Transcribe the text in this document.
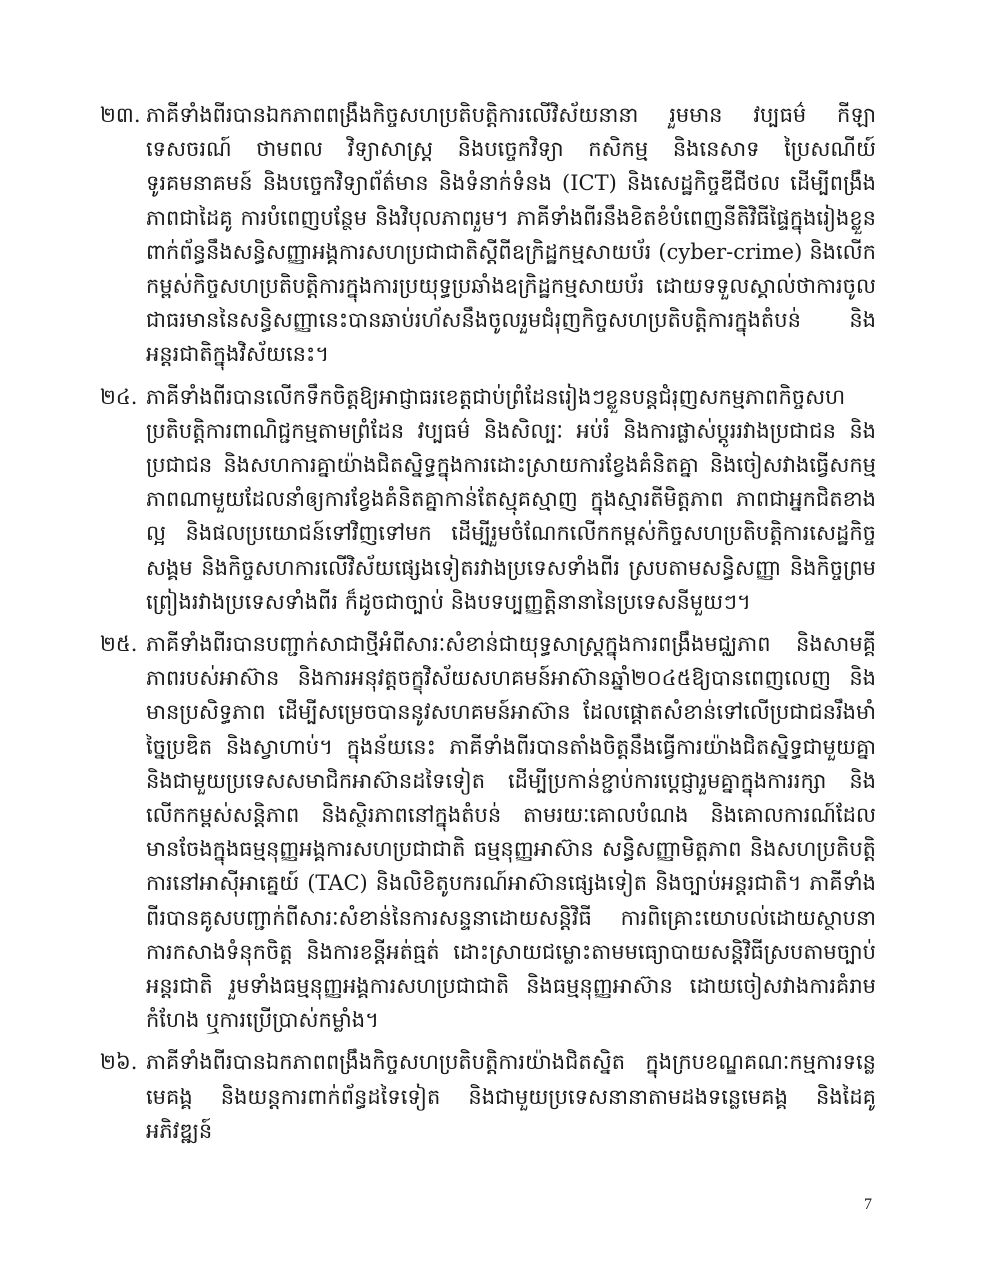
២៣. ភាគីទាំងពីរបានឯកភាពពង្រឹងកិច្ចសហប្រតិបត្តិការលើវិស័យនានា រួមមាន វប្បធម៌ កីឡា ទេសចរណ៍ ថាមពល វិទ្យាសាស្ត្រ និងបច្ចេកវិទ្យា កសិកម្ម និងនេសាទ ប្រៃសណីយ៍ ទូរគមនាគមន៍ និងបច្ចេកវិទ្យាព័ត៌មាន និងទំនាក់ទំនង (ICT) និងសេដ្ឋកិច្ចឌីជីថល ដើម្បីពង្រឹងភាពជាដៃគូ ការបំពេញបន្ថែម និងវិបុលភាពរួម។ ភាគីទាំងពីរនឹងខិតខំបំពេញនីតិវិធីផ្ទៃក្នុងរៀងខ្លួន ពាក់ព័ន្ធនឹងសន្ធិសញ្ញាអង្គការសហប្រជាជាតិស្តីពីឧក្រិដ្ឋកម្មសាយប័រ (cyber-crime) និងលើកកម្ពស់កិច្ចសហប្រតិបត្តិការក្នុងការប្រយុទ្ធប្រឆាំងឧក្រិដ្ឋកម្មសាយប័រ ដោយទទួលស្គាល់ថាការចូលជាធរមាននៃសន្ធិសញ្ញានេះបានឆាប់រហ័សនឹងចូលរួមជំរុញកិច្ចសហប្រតិបត្តិការក្នុងតំបន់ និងអន្តរជាតិក្នុងវិស័យនេះ។
២៤. ភាគីទាំងពីរបានលើកទឹកចិត្តឱ្យអាជ្ញាធរខេត្តជាប់ព្រំដែនរៀងៗខ្លួនបន្តជំរុញសកម្មភាពកិច្ចសហប្រតិបត្តិការពាណិជ្ជកម្មតាមព្រំដែន វប្បធម៌ និងសិល្បៈ អប់រំ និងការផ្លាស់ប្តូររវាងប្រជាជន និងប្រជាជន និងសហការគ្នាយ៉ាងជិតស្និទ្ធក្នុងការដោះស្រាយការខ្វែងគំនិតគ្នា និងចៀសវាងធ្វើសកម្មភាពណាមួយដែលនាំឲ្យការខ្វែងគំនិតគ្នាកាន់តែស្មុគស្មាញ ក្នុងស្មារតីមិត្តភាព ភាពជាអ្នកជិតខាងល្អ និងផលប្រយោជន៍ទៅវិញទៅមក ដើម្បីរួមចំណែកលើកកម្ពស់កិច្ចសហប្រតិបត្តិការសេដ្ឋកិច្ចសង្គម និងកិច្ចសហការលើវិស័យផ្សេងទៀតរវាងប្រទេសទាំងពីរ ស្របតាមសន្ធិសញ្ញា និងកិច្ចព្រមព្រៀងរវាងប្រទេសទាំងពីរ ក៏ដូចជាច្បាប់ និងបទប្បញ្ញត្តិនានានៃប្រទេសនីមួយៗ។
២៥. ភាគីទាំងពីរបានបញ្ជាក់សាជាថ្មីអំពីសារៈសំខាន់ជាយុទ្ធសាស្ត្រក្នុងការពង្រឹងមជ្ឈភាព និងសាមគ្គីភាពរបស់អាស៊ាន និងការអនុវត្តចក្ខុវិស័យសហគមន៍អាស៊ានឆ្នាំ២០៤៥ឱ្យបានពេញលេញ និងមានប្រសិទ្ធភាព ដើម្បីសម្រេចបាននូវសហគមន៍អាស៊ាន ដែលផ្តោតសំខាន់ទៅលើប្រជាជនរឹងមាំ ច្នៃប្រឌិត និងស្វាហាប់។ ក្នុងន័យនេះ ភាគីទាំងពីរបានតាំងចិត្តនឹងធ្វើការយ៉ាងជិតស្និទ្ធជាមួយគ្នា និងជាមួយប្រទេសសមាជិកអាស៊ានដទៃទៀត ដើម្បីប្រកាន់ខ្ជាប់ការប្តេជ្ញារួមគ្នាក្នុងការរក្សា និងលើកកម្ពស់សន្តិភាព និងស្ថិរភាពនៅក្នុងតំបន់ តាមរយៈគោលបំណង និងគោលការណ៍ដែលមានចែងក្នុងធម្មនុញ្ញអង្គការសហប្រជាជាតិ ធម្មនុញ្ញអាស៊ាន សន្ធិសញ្ញាមិត្តភាព និងសហប្រតិបត្តិការនៅអាស៊ីអាគ្នេយ៍ (TAC) និងលិខិតូបករណ៍អាស៊ានផ្សេងទៀត និងច្បាប់អន្តរជាតិ។ ភាគីទាំងពីរបានគូសបញ្ជាក់ពីសារៈសំខាន់នៃការសន្ទនាដោយសន្តិវិធី ការពិគ្រោះយោបល់ដោយស្ថាបនា ការកសាងទំនុកចិត្ត និងការខន្តីអត់ធ្មត់ ដោះស្រាយជម្លោះតាមមធ្យោបាយសន្តិវិធីស្របតាមច្បាប់អន្តរជាតិ រួមទាំងធម្មនុញ្ញអង្គការសហប្រជាជាតិ និងធម្មនុញ្ញអាស៊ាន ដោយចៀសវាងការគំរាមកំហែង ឬការប្រើប្រាស់កម្លាំង។
២៦. ភាគីទាំងពីរបានឯកភាពពង្រឹងកិច្ចសហប្រតិបត្តិការយ៉ាងជិតស្និត ក្នុងក្របខណ្ឌគណៈកម្មការទន្លេមេគង្គ និងយន្តការពាក់ព័ន្ធដទៃទៀត និងជាមួយប្រទេសនានាតាមដងទន្លេមេគង្គ និងដៃគូអភិវឌ្ឍន៍
7
